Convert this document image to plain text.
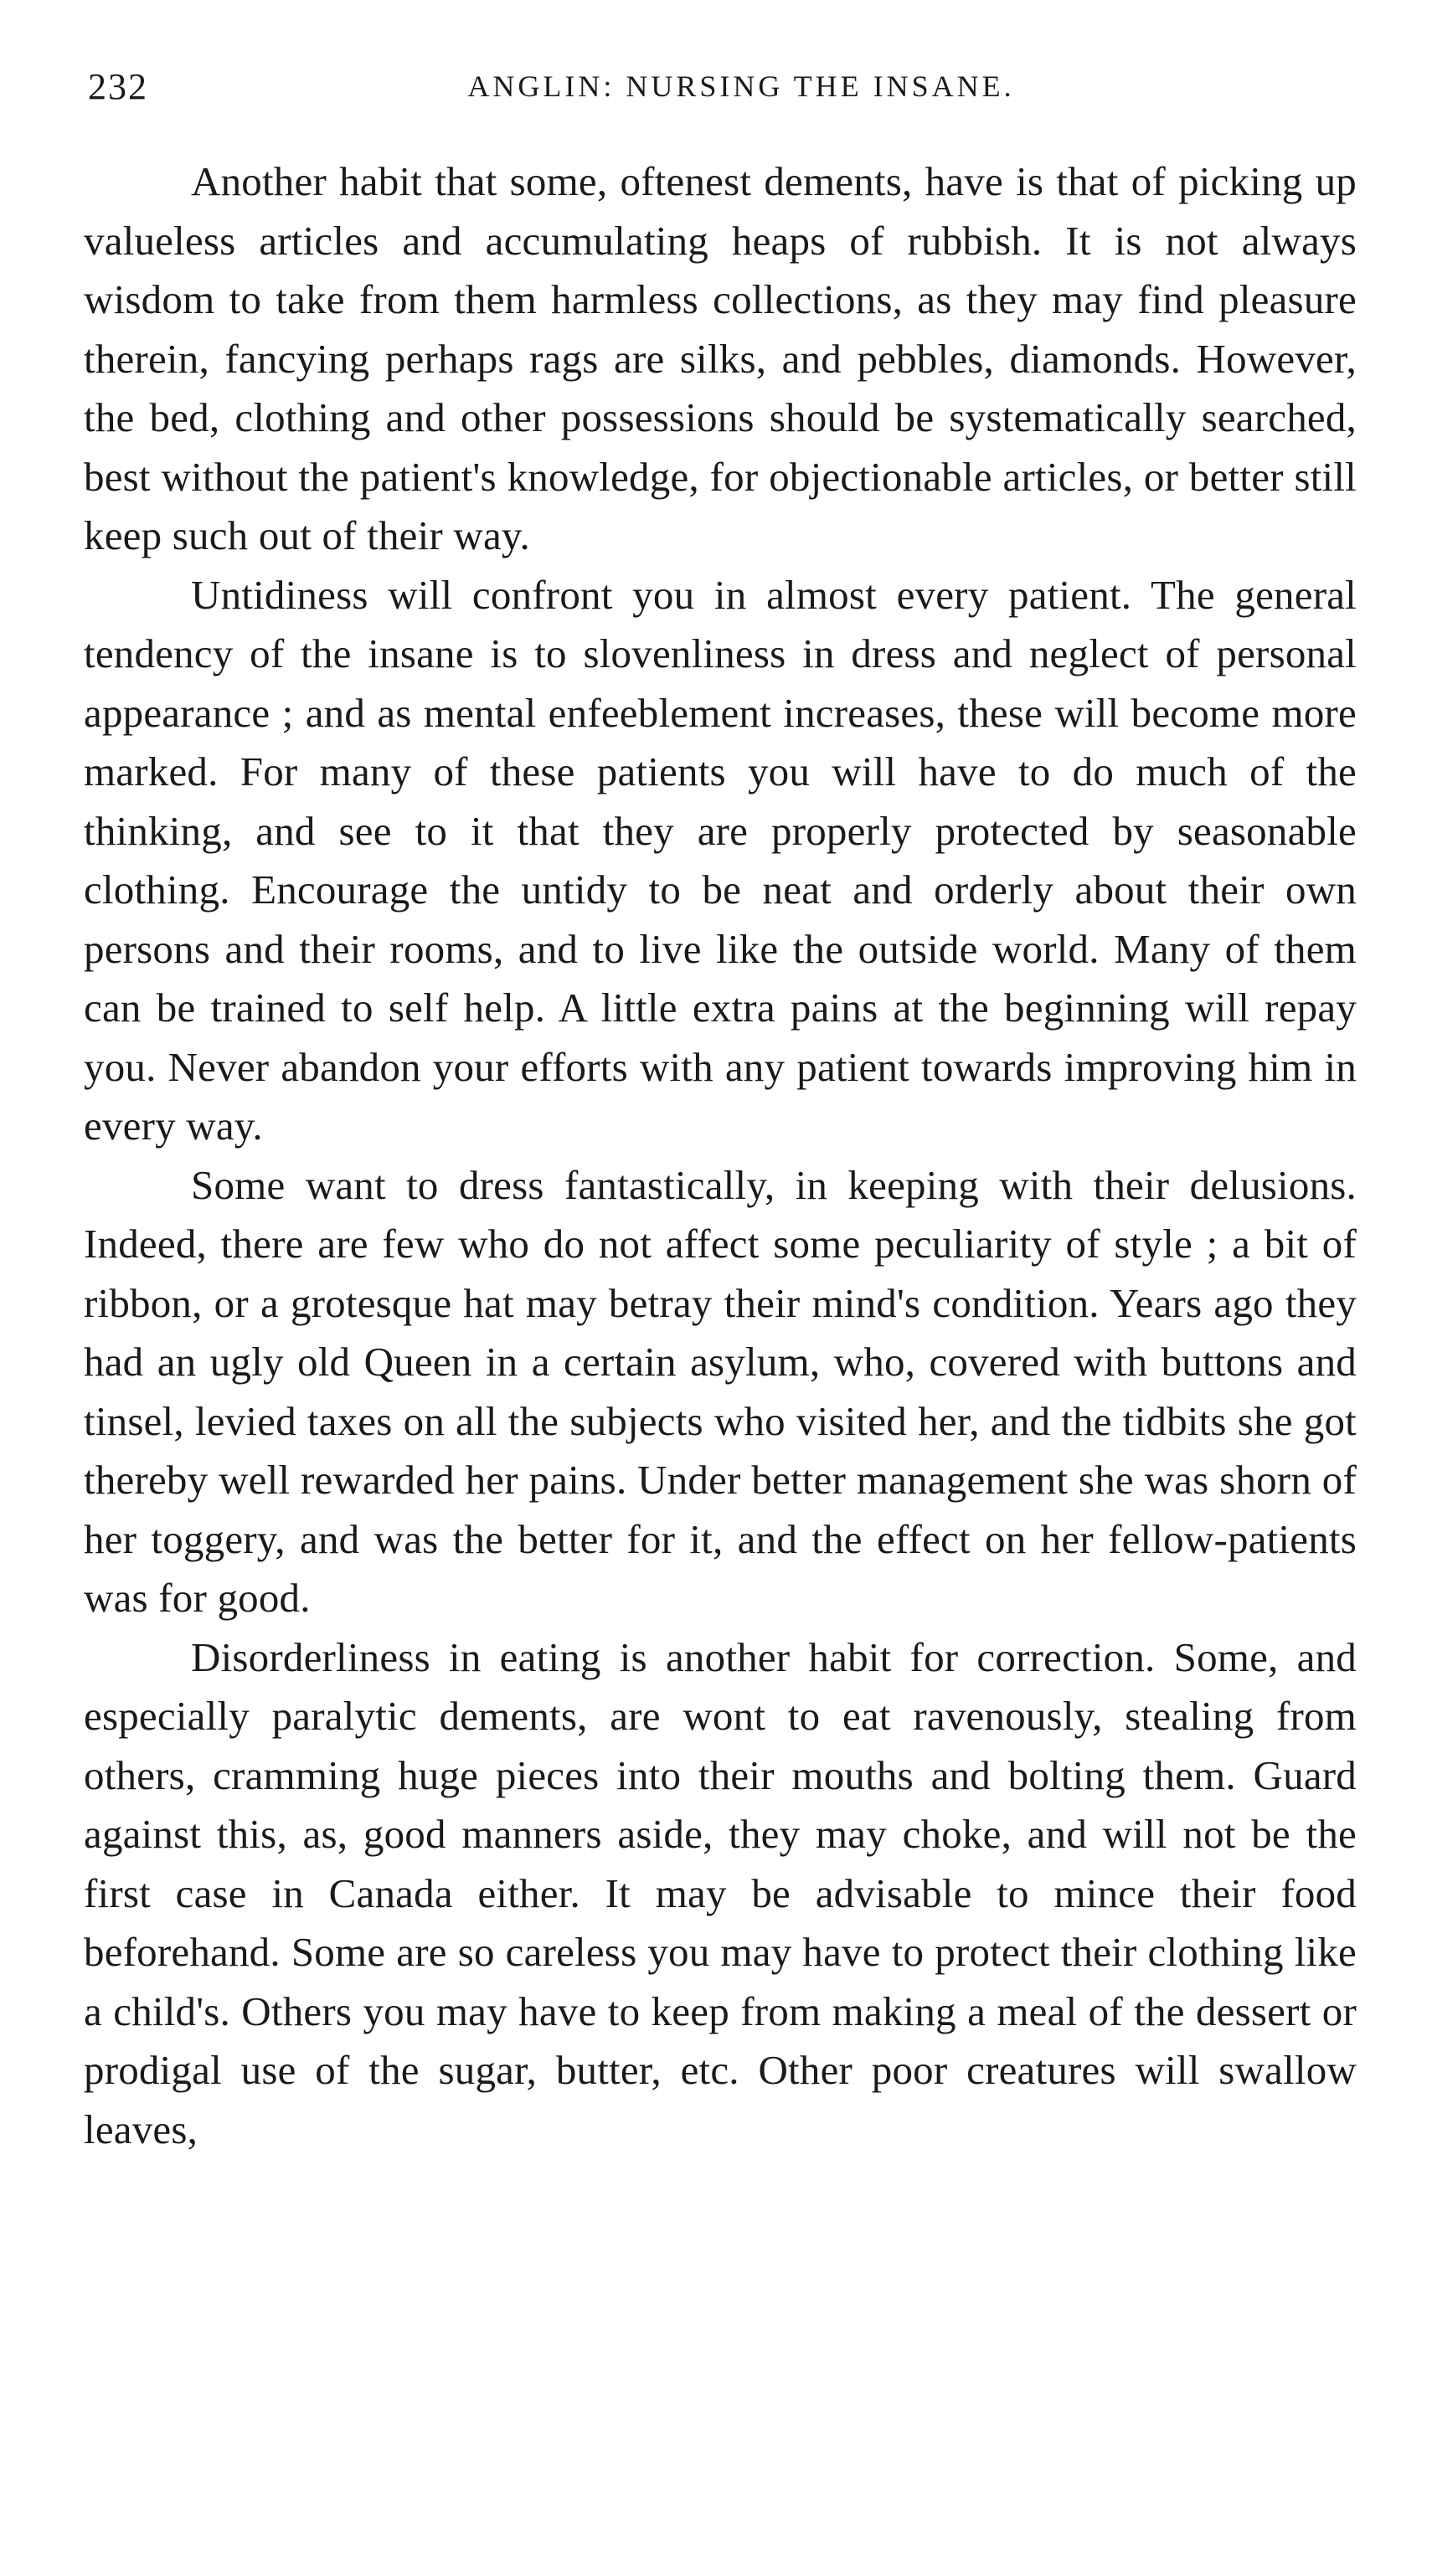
232	ANGLIN: NURSING THE INSANE.

Another habit that some, oftenest dements, have is that of picking up valueless articles and accumulating heaps of rubbish. It is not always wisdom to take from them harmless collections, as they may find pleasure therein, fancying perhaps rags are silks, and pebbles, diamonds. However, the bed, clothing and other possessions should be systematically searched, best without the patient's knowledge, for objectionable articles, or better still keep such out of their way.

Untidiness will confront you in almost every patient. The general tendency of the insane is to slovenliness in dress and neglect of personal appearance ; and as mental enfeeblement increases, these will become more marked. For many of these patients you will have to do much of the thinking, and see to it that they are properly protected by seasonable clothing. Encourage the untidy to be neat and orderly about their own persons and their rooms, and to live like the outside world. Many of them can be trained to self help. A little extra pains at the beginning will repay you. Never abandon your efforts with any patient towards improving him in every way.

Some want to dress fantastically, in keeping with their delusions. Indeed, there are few who do not affect some peculiarity of style ; a bit of ribbon, or a grotesque hat may betray their mind's condition. Years ago they had an ugly old Queen in a certain asylum, who, covered with buttons and tinsel, levied taxes on all the subjects who visited her, and the tidbits she got thereby well rewarded her pains. Under better management she was shorn of her toggery, and was the better for it, and the effect on her fellow-patients was for good.

Disorderliness in eating is another habit for correction. Some, and especially paralytic dements, are wont to eat ravenously, stealing from others, cramming huge pieces into their mouths and bolting them. Guard against this, as, good manners aside, they may choke, and will not be the first case in Canada either. It may be advisable to mince their food beforehand. Some are so careless you may have to protect their clothing like a child's. Others you may have to keep from making a meal of the dessert or prodigal use of the sugar, butter, etc. Other poor creatures will swallow leaves,
